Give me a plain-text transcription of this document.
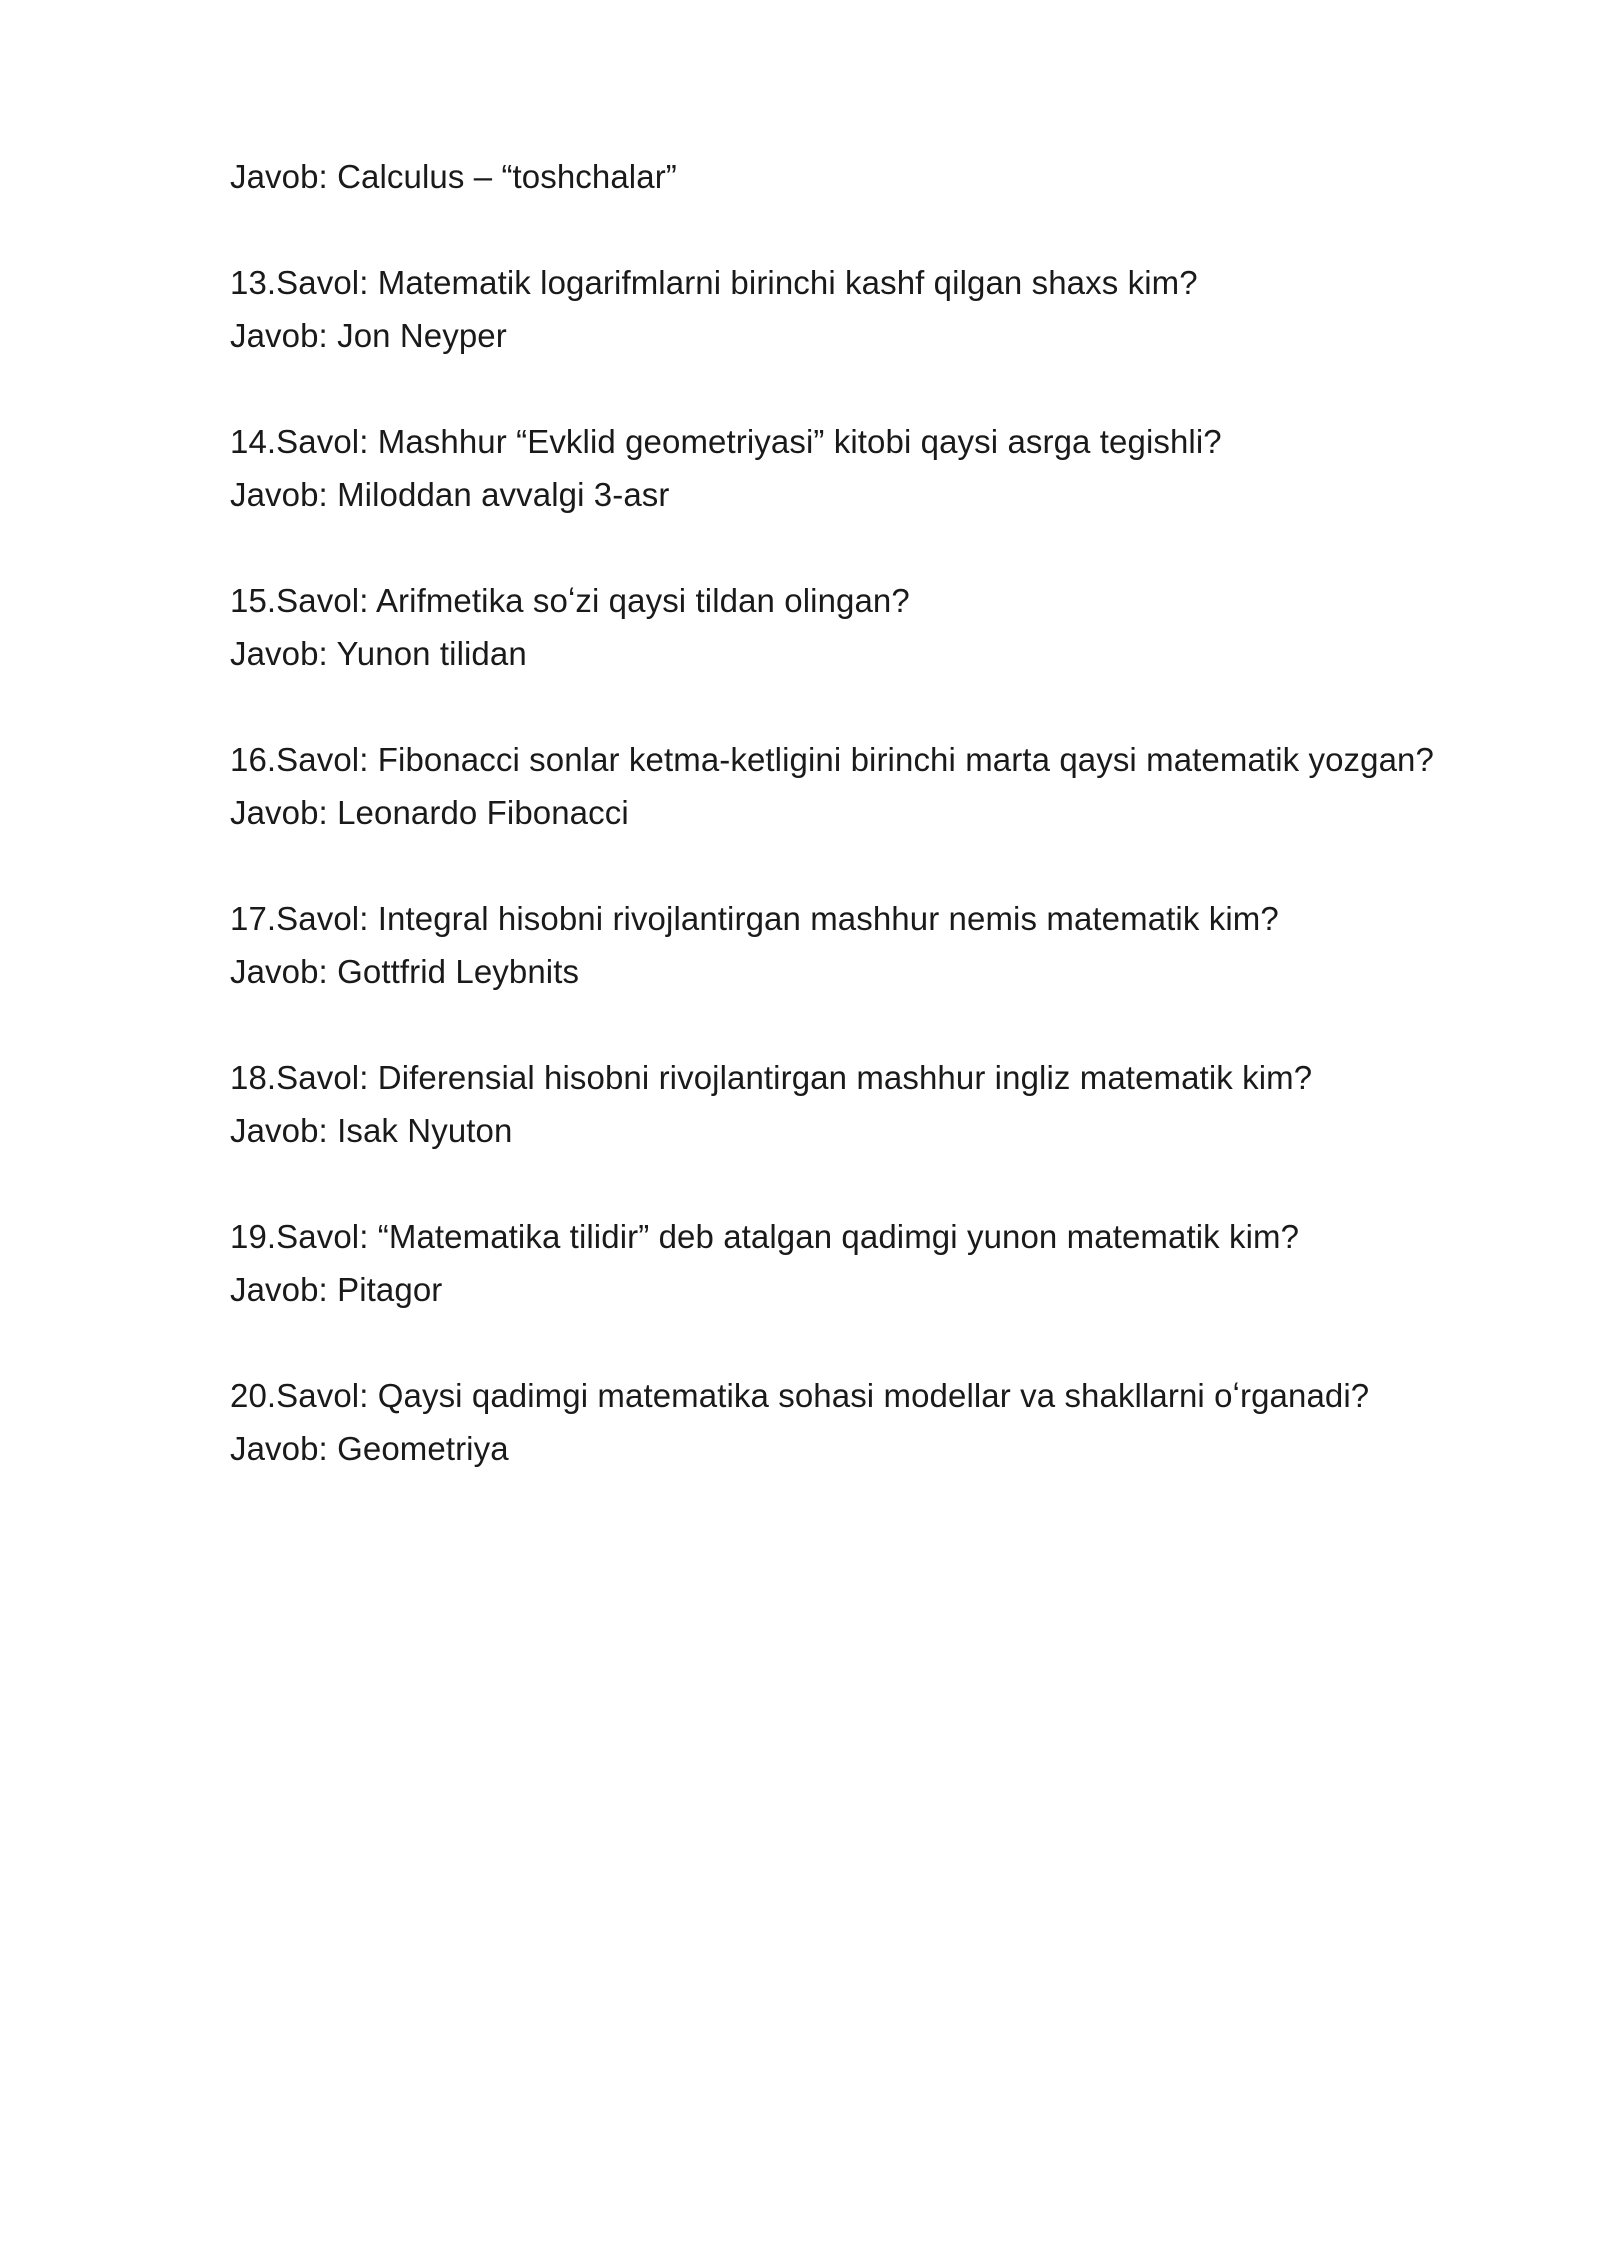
Javob: Calculus – “toshchalar”
13.Savol: Matematik logarifmlarni birinchi kashf qilgan shaxs kim?
Javob: Jon Neyper
14.Savol: Mashhur “Evklid geometriyasi” kitobi qaysi asrga tegishli?
Javob: Miloddan avvalgi 3-asr
15.Savol: Arifmetika soʻzi qaysi tildan olingan?
Javob: Yunon tilidan
16.Savol: Fibonacci sonlar ketma-ketligini birinchi marta qaysi matematik yozgan?
Javob: Leonardo Fibonacci
17.Savol: Integral hisobni rivojlantirgan mashhur nemis matematik kim?
Javob: Gottfrid Leybnits
18.Savol: Diferensial hisobni rivojlantirgan mashhur ingliz matematik kim?
Javob: Isak Nyuton
19.Savol: “Matematika tilidir” deb atalgan qadimgi yunon matematik kim?
Javob: Pitagor
20.Savol: Qaysi qadimgi matematika sohasi modellar va shakllarni oʻrganadi?
Javob: Geometriya
